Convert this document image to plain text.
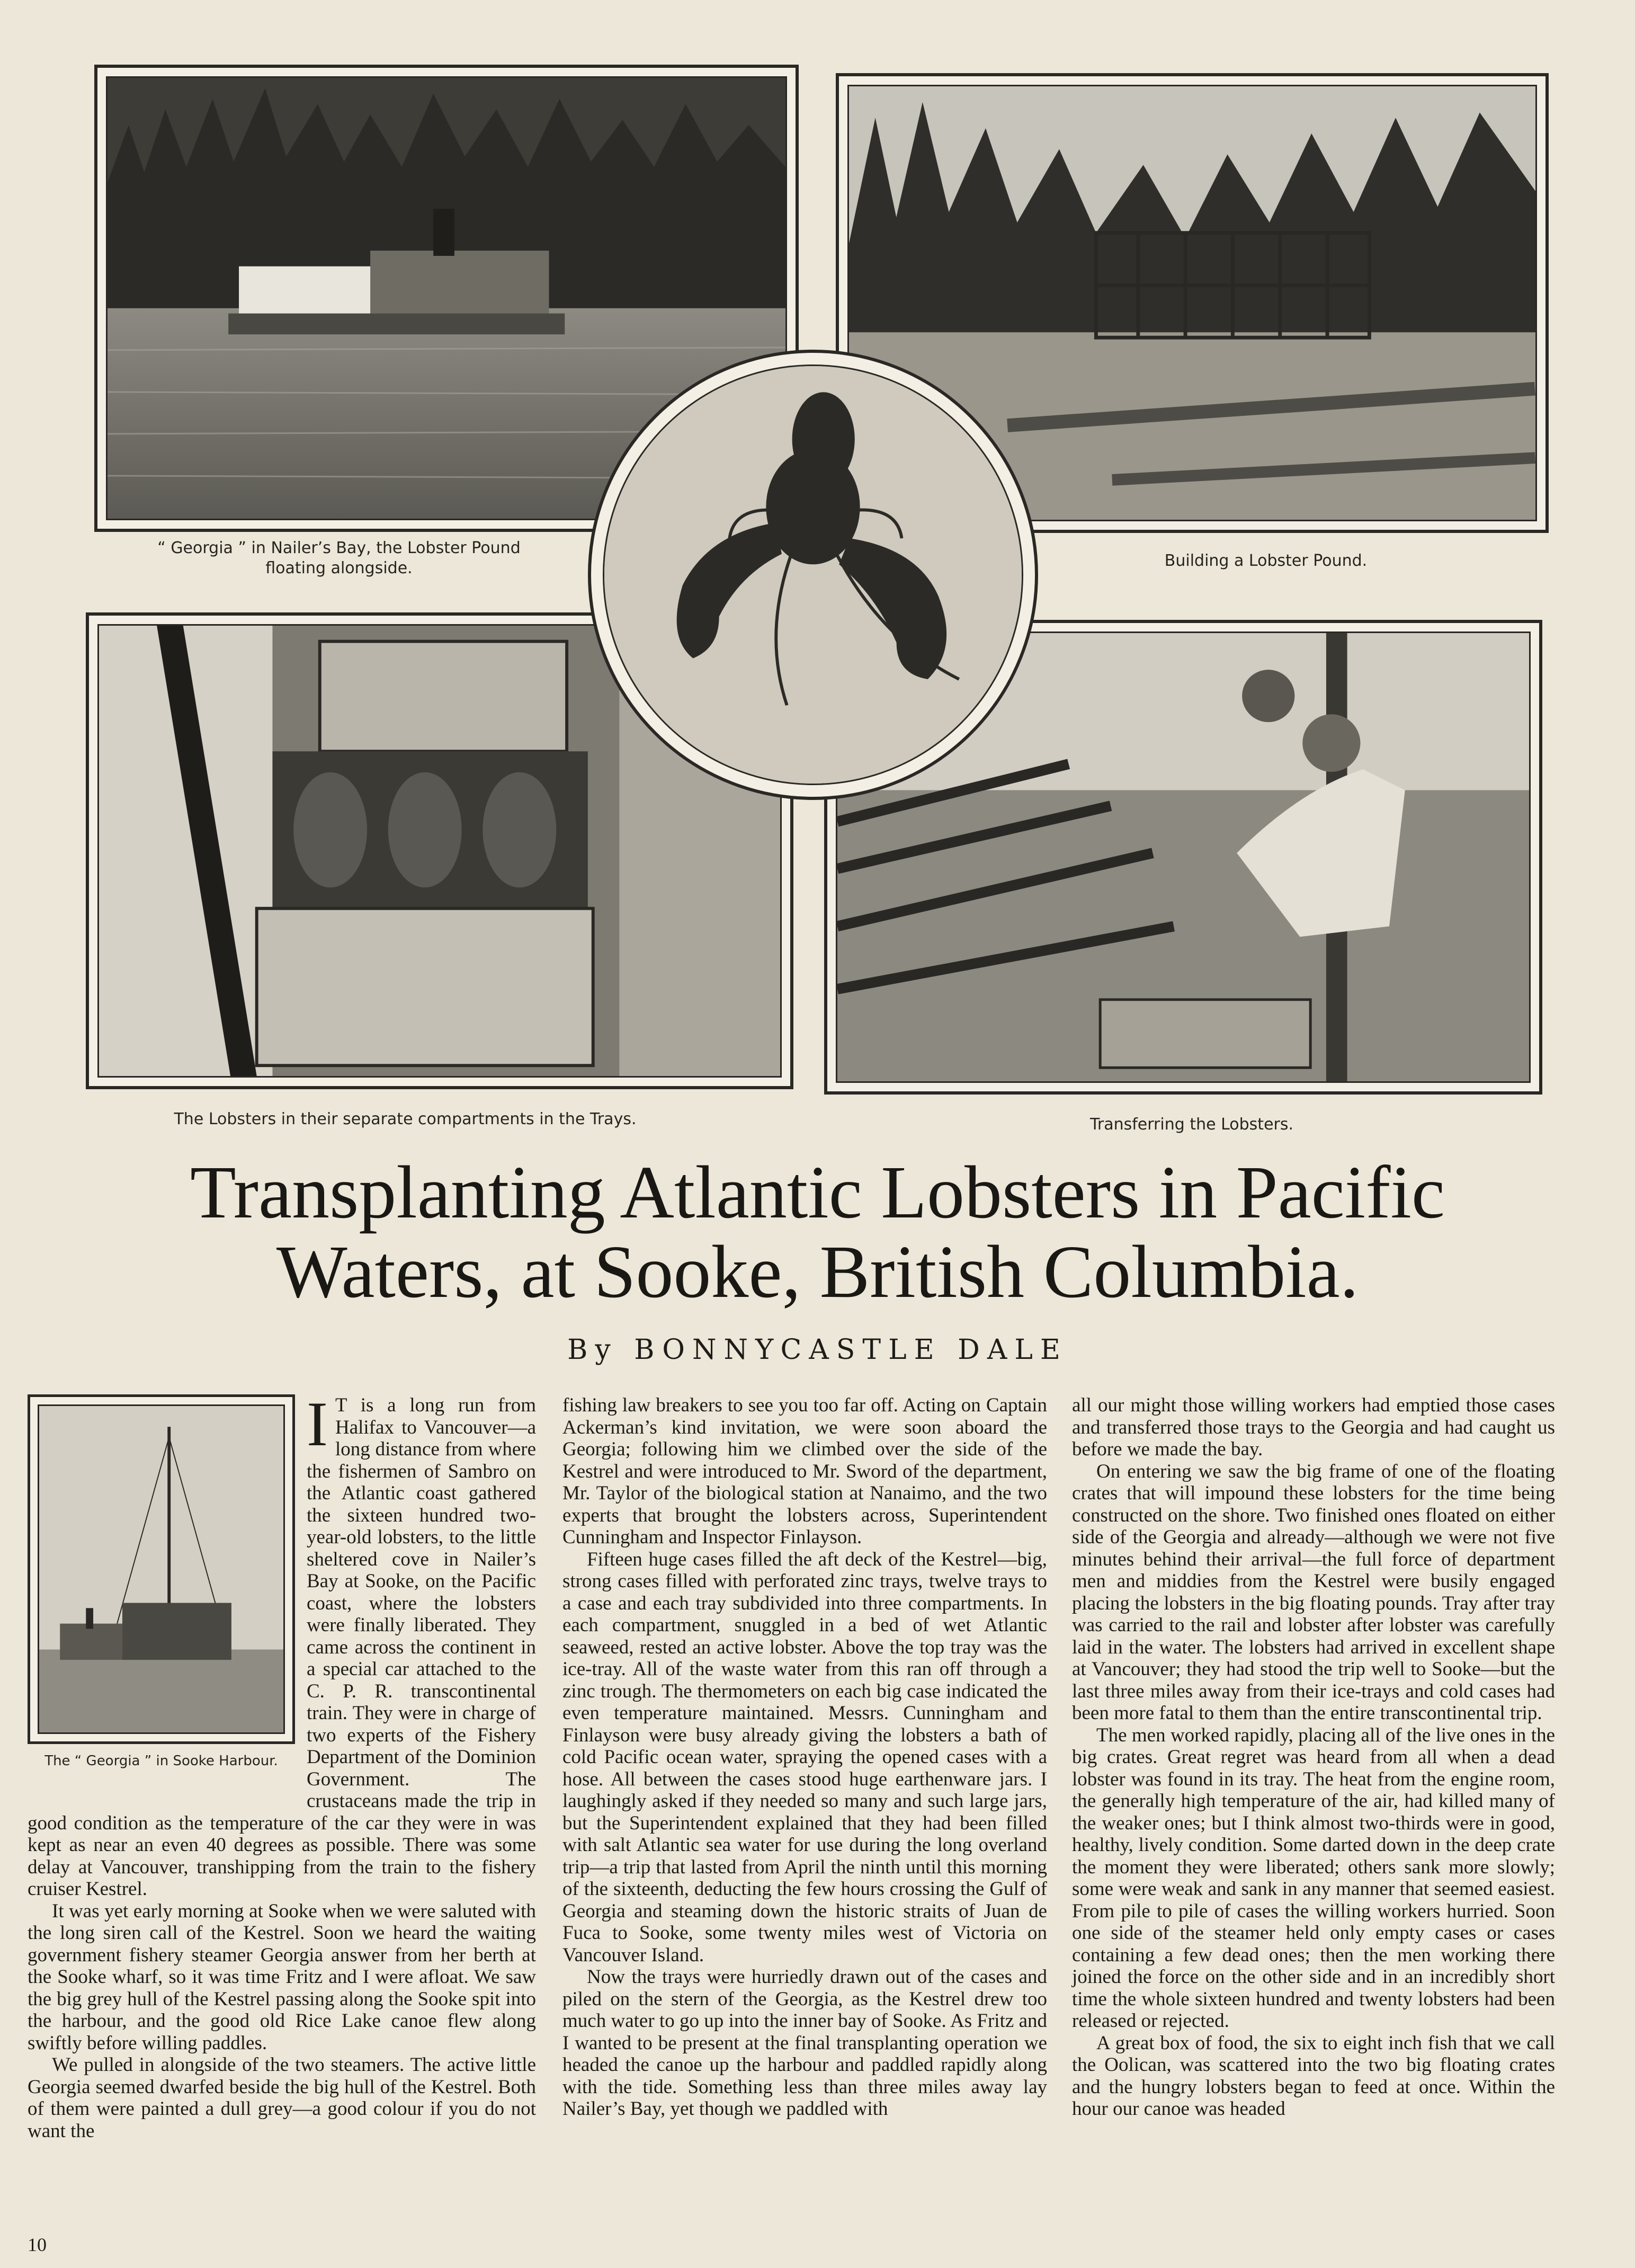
“ Georgia ” in Nailer’s Bay, the Lobster Pound floating alongside.	Building a Lobster Pound.
The Lobsters in their separate compartments in the Trays.	Transferring the Lobsters.
Transplanting Atlantic Lobsters in Pacific
Waters, at Sooke, British Columbia.
By BONNYCASTLE DALE
The “ Georgia ” in Sooke Harbour.
I T is a long run from Halifax to Vancouver—a long distance from where the fishermen of Sambro on the Atlantic coast gathered the sixteen hundred two-year-old lobsters, to the little sheltered cove in Nailer’s Bay at Sooke, on the Pacific coast, where the lobsters were finally liberated. They came across the continent in a special car attached to the C. P. R. transcontinental train. They were in charge of two experts of the Fishery Department of the Dominion Government. The crustaceans made the trip in good condition as the temperature of the car they were in was kept as near an even 40 degrees as possible. There was some delay at Vancouver, transhipping from the train to the fishery cruiser Kestrel.

It was yet early morning at Sooke when we were saluted with the long siren call of the Kestrel. Soon we heard the waiting government fishery steamer Georgia answer from her berth at the Sooke wharf, so it was time Fritz and I were afloat. We saw the big grey hull of the Kestrel passing along the Sooke spit into the harbour, and the good old Rice Lake canoe flew along swiftly before willing paddles.

We pulled in alongside of the two steamers. The active little Georgia seemed dwarfed beside the big hull of the Kestrel. Both of them were painted a dull grey—a good colour if you do not want the

fishing law breakers to see you too far off. Acting on Captain Ackerman’s kind invitation, we were soon aboard the Georgia; following him we climbed over the side of the Kestrel and were introduced to Mr. Sword of the department, Mr. Taylor of the biological station at Nanaimo, and the two experts that brought the lobsters across, Superintendent Cunningham and Inspector Finlayson.

Fifteen huge cases filled the aft deck of the Kestrel—big, strong cases filled with perforated zinc trays, twelve trays to a case and each tray subdivided into three compartments. In each compartment, snuggled in a bed of wet Atlantic seaweed, rested an active lobster. Above the top tray was the ice-tray. All of the waste water from this ran off through a zinc trough. The thermometers on each big case indicated the even temperature maintained. Messrs. Cunningham and Finlayson were busy already giving the lobsters a bath of cold Pacific ocean water, spraying the opened cases with a hose. All between the cases stood huge earthenware jars. I laughingly asked if they needed so many and such large jars, but the Superintendent explained that they had been filled with salt Atlantic sea water for use during the long overland trip—a trip that lasted from April the ninth until this morning of the sixteenth, deducting the few hours crossing the Gulf of Georgia and steaming down the historic straits of Juan de Fuca to Sooke, some twenty miles west of Victoria on Vancouver Island.

Now the trays were hurriedly drawn out of the cases and piled on the stern of the Georgia, as the Kestrel drew too much water to go up into the inner bay of Sooke. As Fritz and I wanted to be present at the final transplanting operation we headed the canoe up the harbour and paddled rapidly along with the tide. Something less than three miles away lay Nailer’s Bay, yet though we paddled with

all our might those willing workers had emptied those cases and transferred those trays to the Georgia and had caught us before we made the bay.

On entering we saw the big frame of one of the floating crates that will impound these lobsters for the time being constructed on the shore. Two finished ones floated on either side of the Georgia and already—although we were not five minutes behind their arrival—the full force of department men and middies from the Kestrel were busily engaged placing the lobsters in the big floating pounds. Tray after tray was carried to the rail and lobster after lobster was carefully laid in the water. The lobsters had arrived in excellent shape at Vancouver; they had stood the trip well to Sooke—but the last three miles away from their ice-trays and cold cases had been more fatal to them than the entire transcontinental trip.

The men worked rapidly, placing all of the live ones in the big crates. Great regret was heard from all when a dead lobster was found in its tray. The heat from the engine room, the generally high temperature of the air, had killed many of the weaker ones; but I think almost two-thirds were in good, healthy, lively condition. Some darted down in the deep crate the moment they were liberated; others sank more slowly; some were weak and sank in any manner that seemed easiest. From pile to pile of cases the willing workers hurried. Soon one side of the steamer held only empty cases or cases containing a few dead ones; then the men working there joined the force on the other side and in an incredibly short time the whole sixteen hundred and twenty lobsters had been released or rejected.

A great box of food, the six to eight inch fish that we call the Oolican, was scattered into the two big floating crates and the hungry lobsters began to feed at once. Within the hour our canoe was headed

10
